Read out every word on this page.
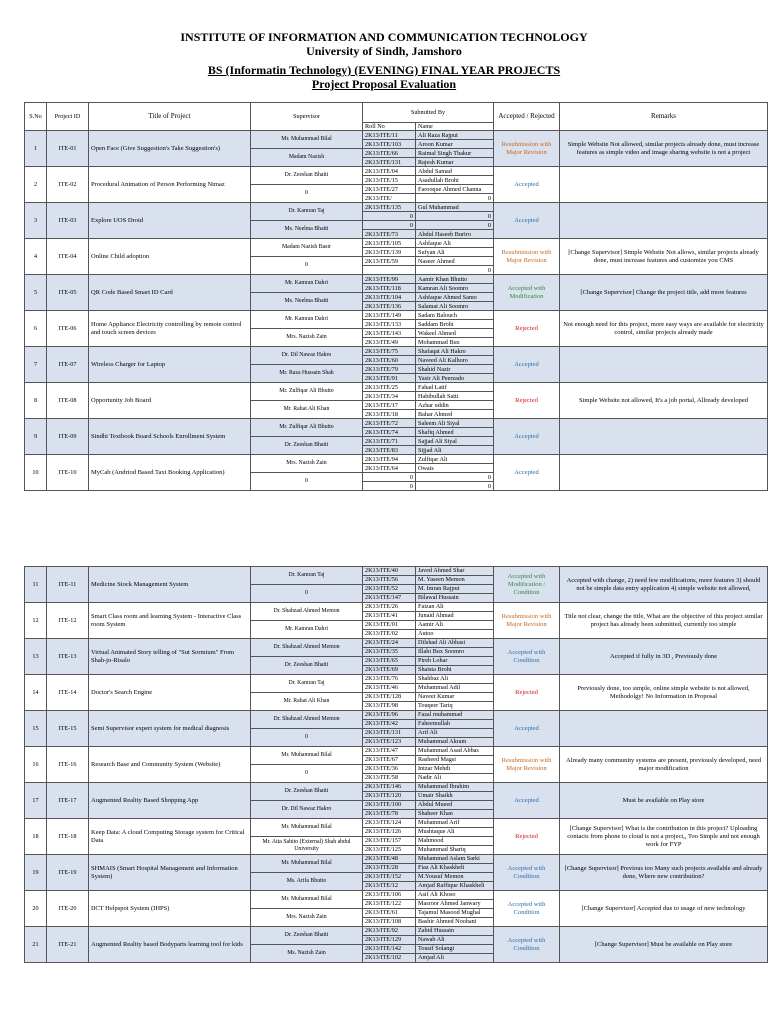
INSTITUTE OF INFORMATION AND COMMUNICATION TECHNOLOGY
University of Sindh, Jamshoro
BS (Informatin Technology) (EVENING) FINAL YEAR PROJECTS
Project Proposal Evaluation
S.No	Project ID	Title of Project	Supervisor	Submitted By		Accepted / Rejected	Remarks
				Roll No	Name		
1	ITE-01	Open Face (Give Suggestion's Take Suggestion's)	Mr. Muhammad Bilal	2K13/ITE/11	Ali Raza Rajput	Resubmission with Major Revision	Simple Website Not allowed, similar projects already done, must increase features as simple video and image sharing website is not a project
				2K13/ITE/103	Aroon Kumar		
			Madam Nazish	2K13/ITE/66	Raimal Singh Thakur		
				2K13/ITE/131	Rajesh Kumar		
2	ITE-02	Procedural Animation of Person Performing Nimaz	Dr. Zeeshan Bhatti	2K13/ITE/04	Abdul Samad	Accepted	
				2K13/ITE/15	Asadullah Brohi		
			0	2K13/ITE/27	Farooque Ahmed Channa		
				2K13/ITE/	0		
3	ITE-03	Explore UOS Droid	Dr. Kamran Taj	2K13/ITE/135	Gul Muhammad	Accepted	
				0	0		
			Ms. Neelma Bhatti	0	0		
				2K13/ITE/73	Abdul Haseeb Buriro		
4	ITE-04	Online Child adoption	Madam Nazish Basir	2K13/ITE/105	Ashfaque Ali	Resubmission with Major Revision	[Change Supervisor] Simple Website Not allows, similar projects already done, must increase features and customize you CMS
				2K13/ITE/139	Sufyan Ali		
			0	2K13/ITE/59	Naseer Ahmed		
					0		
5	ITE-05	QR Code Based Smart ID Card	Mr. Kamran Dahri	2K13/ITE/99	Aamir Khan Bhutto	Accepted with Modification	[Change Supervisor] Change the project title, add more features
				2K13/ITE/118	Kamran Ali Soomro		
			Ms. Neelma Bhatti	2K13/ITE/104	Ashfaque Ahmed Samo		
				2K13/ITE/136	Salamat Ali Soomro		
6	ITE-06	Home Appliance Electricity controlling by remote control and touch screen devices	Mr. Kamran Dahri	2K13/ITE/149	Sadam Balouch	Rejected	Not enough need for this project, more easy ways are available for electricity control, similar projects already made
				2K13/ITE/133	Saddam Brohi		
			Mrs. Nazish Zain	2K13/ITE/143	Wakeel Ahmed		
				2K13/ITE/49	Mohammad Bux		
7	ITE-07	Wireless Charger for Laptop	Dr. Dil Nawaz Hakro	2K13/ITE/75	Shafaqat Ali Hakro	Accepted	
				2K13/ITE/60	Naveed Ali Kalhoro		
			Mr. Raza Hussain Shah	2K13/ITE/79	Shahid Nazir		
				2K13/ITE/91	Yasir Ali Peerzado		
8	ITE-08	Opportunity Job Board	Mr. Zulfiqar Ali Bhutto	2K13/ITE/25	Fahad Latif	Rejected	Simple Website not allowed, It's a job portal, Allready developed
				2K13/ITE/34	Habibullah Satti		
			Mr. Rahat Ali Khan	2K13/ITE/17	Azhar uddin		
				2K13/ITE/18	Bahar Ahmed		
9	ITE-09	Sindhi Textbook Board Schools Enrollment System	Mr. Zulfiqar Ali Bhutto	2K13/ITE/72	Saleem Ali Siyal	Accepted	
				2K13/ITE/74	Shafiq Ahmed		
			Dr. Zeeshan Bhatti	2K13/ITE/71	Sajjad Ali Siyal		
				2K13/ITE/83	Sijjad Ali		
10	ITE-10	MyCab (Andriod Based Taxi Booking Application)	Mrs. Nazish Zain	2K13/ITE/94	Zulfiqar Ali	Accepted	
				2K13/ITE/64	Owais		
			0	0	0		
				0	0		
11	ITE-11	Medicine Stock Management System	Dr. Kamran Taj	2K13/ITE/40	Javed Ahmed Shar	Accepted with Modification / Condition	Accepted with change, 2) need few modifications, more features 3) should not be simple data entry application 4) simple website not allowed,
				2K13/ITE/56	M. Yaseen Memon		
			0	2K13/ITE/52	M. Imran Rajput		
				2K13/ITE/147	Bilawal Hussain		
12	ITE-12	Smart Class room and learning System - Interactive Class room System	Dr. Shahzad Ahmed Memon	2K13/ITE/26	Faizan Ali	Resubmission with Major Revision	Title not clear, change the title, What are the objective of this project similar project has already been submitted, currently too simple
				2K13/ITE/41	Junaid Ahmad		
			Mr. Kamran Dahri	2K13/ITE/01	Aamir Ali		
				2K13/ITE/02	Autoo		
13	ITE-13	Virtual Animated Story telling of "Sut Sormium" From Shah-jo-Risalo	Dr. Shahzad Ahmed Memon	2K13/ITE/24	Dilshad Ali Abbasi	Accepted with Condition	Accepted if fully in 3D , Previously done
				2K13/ITE/35	Illahi Bux Soomro		
			Dr. Zeeshan Bhatti	2K13/ITE/65	Pireh Lohar		
				2K13/ITE/69	Shaista Brohi		
14	ITE-14	Doctor's Search Engine	Dr. Kamran Taj	2K13/ITE/76	Shahbaz Ali	Rejected	Previously done, too simple, online simple website is not allowed, Methodolgy! No Information in Proposal
				2K13/ITE/46	Muhammad Adil		
			Mr. Rahat Ali Khan	2K13/ITE/128	Naveet Kumar		
				2K13/ITE/98	Touqeer Tariq		
15	ITE-15	Semi Supervisor expert system for medical diagnosis	Dr. Shahzad Ahmed Memon	2K13/ITE/96	Fazal muhammad	Accepted	
				2K13/ITE/42	Faheemullah		
			0	2K13/ITE/131	Arif Ali		
				2K13/ITE/123	Muhammad Akram		
16	ITE-16	Research Base and Community System (Website)	Mr. Muhammad Bilal	2K13/ITE/47	Muhammad Asad Abbas	Resubmission with Major Revision	Already many community systems are present, previously developed, need major modification
				2K13/ITE/67	Rasheed Magsi		
			0	2K13/ITE/36	Intzar Mehdi		
				2K13/ITE/58	Nadir Ali		
17	ITE-17	Augmented Reality Based Shopping App	Dr. Zeeshan Bhatti	2K13/ITE/146	Muhammad Ibrahim	Accepted	Must be available on Play store
				2K13/ITE/120	Umair Shaikh		
			Dr. Dil Nawaz Hakro	2K13/ITE/100	Abdul Mueed		
				2K13/ITE/78	Shaheer Khan		
18	ITE-18	Keep Data: A cloud Computing Storage system for Critical Data	Mr. Muhammad Bilal	2K13/ITE/124	Muhammad Arif	Rejected	[Change Supervisor] What is the contribution in this project? Uploading contacts from phone to cloud is not a project,, Too Simple and not enough work for FYP
				2K13/ITE/126	Mushtaque Ali		
			Mr. Atta Sahito (External) Shah abdul University	2K13/ITE/157	Mahmood		
				2K13/ITE/125	Muhammad Shariq		
19	ITE-19	SHMAIS (Smart Hospital Management and Information System)	Mr. Muhammad Bilal	2K13/ITE/48	Muhammad Aslam Sarki	Accepted with Condition	[Change Supervisor] Previous too Many such projects available and already done, Where new contribution?
				2K13/ITE/28	Fiaz Ali Khaskheli		
			Ms. Arifa Bhutto	2K13/ITE/152	M.Yousuf Memon		
				2K13/ITE/12	Amjad Raffique Khaskheli		
20	ITE-20	IICT Helpspot System (IHPS)	Mr. Muhammad Bilal	2K13/ITE/106	Asif Ali Khoso	Accepted with Condition	[Change Supervisor] Accepted due to usage of new technology
				2K13/ITE/122	Masroor Ahmed Janwary		
			Mrs. Nazish Zain	2K13/ITE/61	Tajamul Masood Mughal		
				2K13/ITE/108	Bashir Ahmed Noohani		
21	ITE-21	Augmented Reality based Bodyparts learning tool for kids	Dr. Zeeshan Bhatti	2K13/ITE/92	Zahid Hussain	Accepted with Condition	[Change Supervisor] Must be available on Play store
				2K13/ITE/129	Nawab Ali		
			Ms. Nazish Zain	2K13/ITE/142	Tousif Solangi		
				2K13/ITE/102	Amjad Ali		
